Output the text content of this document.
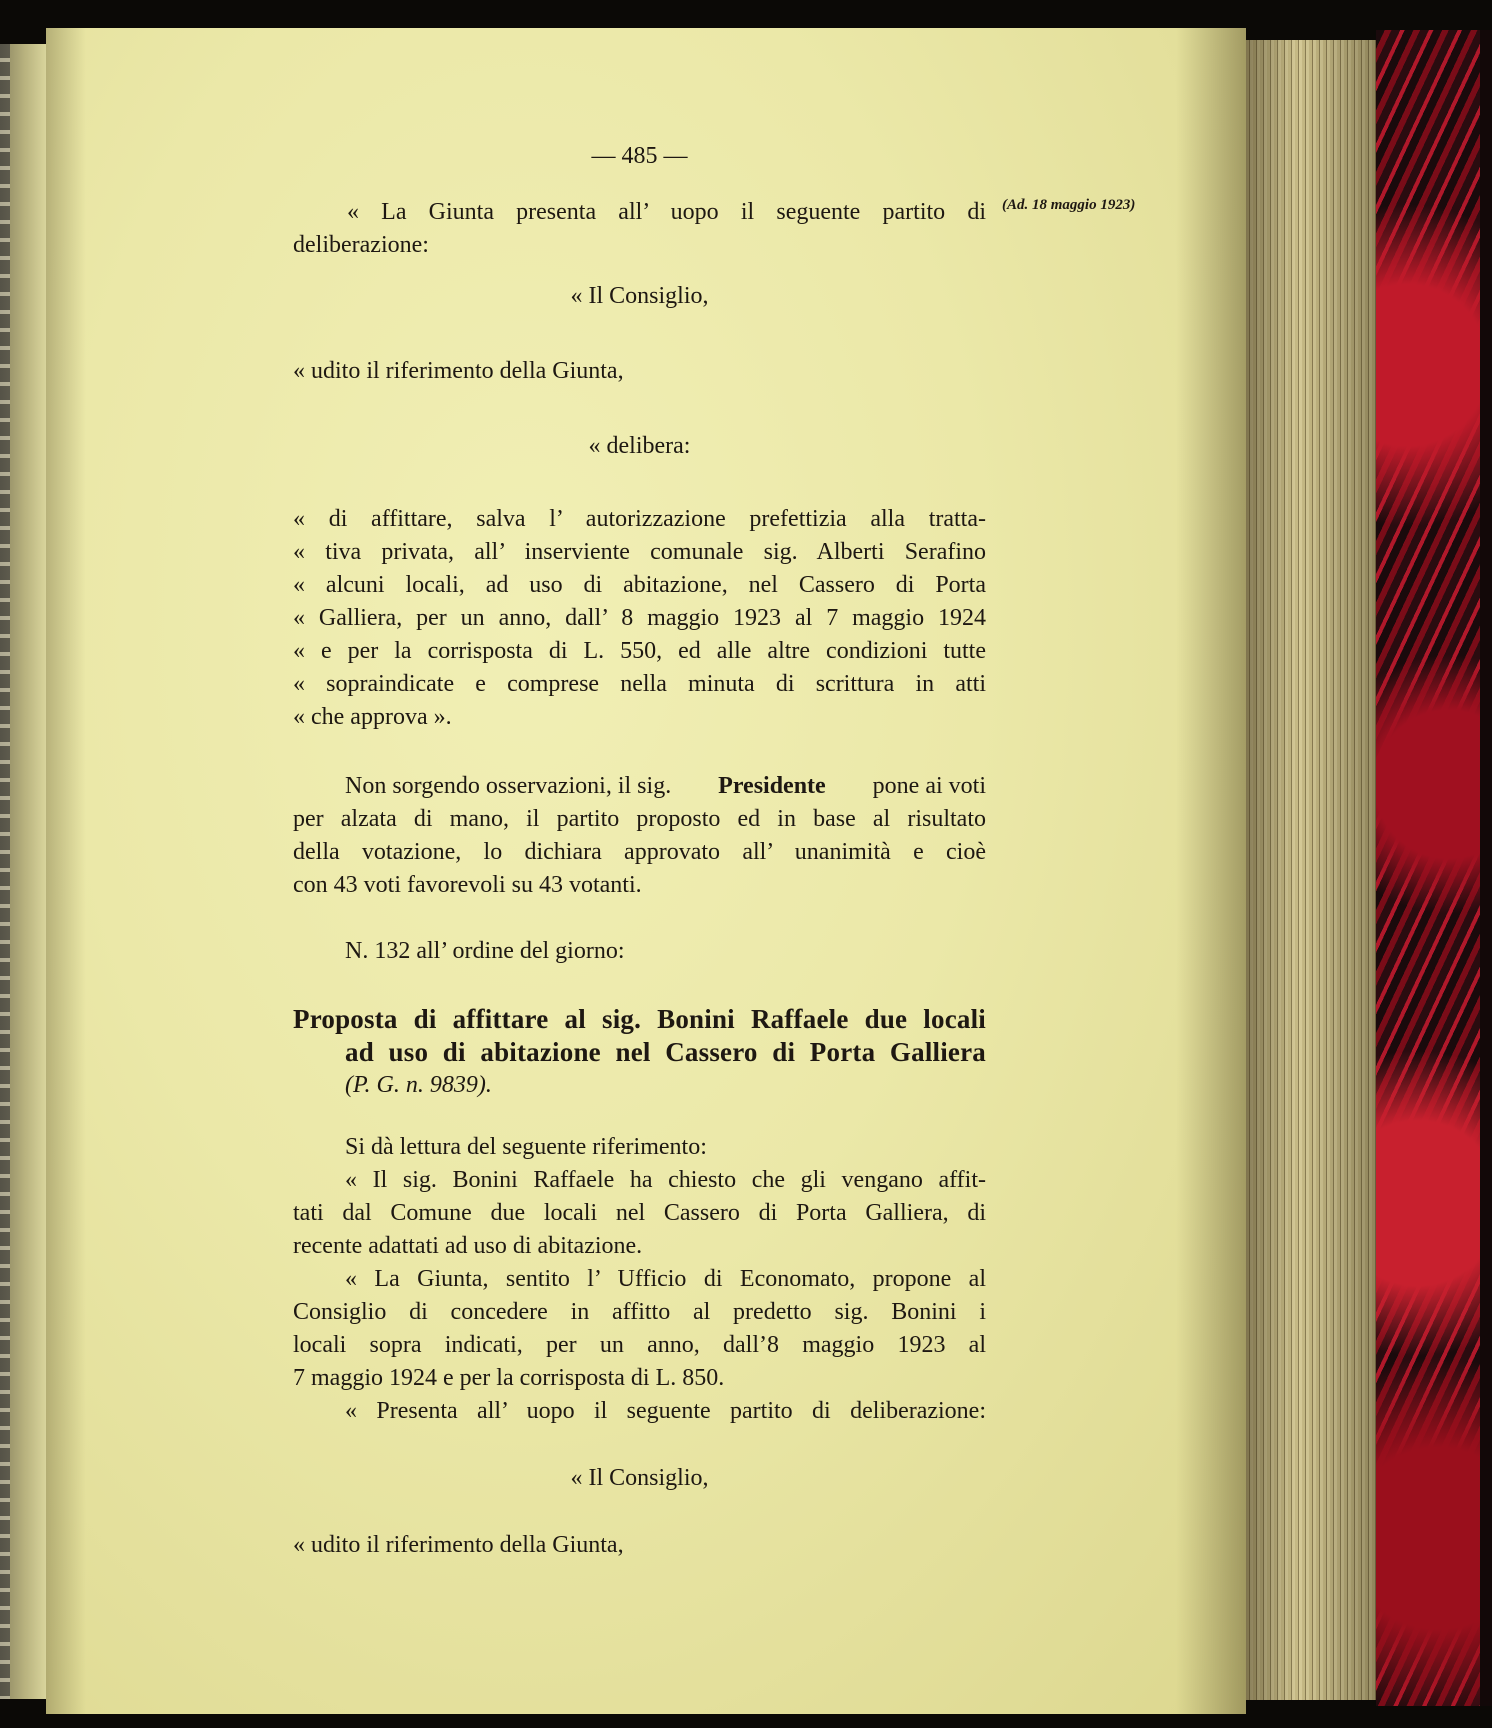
(Ad. 18 maggio 1923)
— 485 —
« La Giunta presenta all’ uopo il seguente partito di
deliberazione:
« Il Consiglio,
« udito il riferimento della Giunta,
« delibera:
« di affittare, salva l’ autorizzazione prefettizia alla tratta-
« tiva privata, all’ inserviente comunale sig. Alberti Serafino
« alcuni locali, ad uso di abitazione, nel Cassero di Porta
« Galliera, per un anno, dall’ 8 maggio 1923 al 7 maggio 1924
« e per la corrisposta di L. 550, ed alle altre condizioni tutte
« sopraindicate e comprese nella minuta di scrittura in atti
« che approva ».
Non sorgendo osservazioni, il sig. Presidente pone ai voti
per alzata di mano, il partito proposto ed in base al risultato
della votazione, lo dichiara approvato all’ unanimità e cioè
con 43 voti favorevoli su 43 votanti.
N. 132 all’ ordine del giorno:
Proposta di affittare al sig. Bonini Raffaele due locali
ad uso di abitazione nel Cassero di Porta Galliera
(P. G. n. 9839).
Si dà lettura del seguente riferimento:
« Il sig. Bonini Raffaele ha chiesto che gli vengano affit-
tati dal Comune due locali nel Cassero di Porta Galliera, di
recente adattati ad uso di abitazione.
« La Giunta, sentito l’ Ufficio di Economato, propone al
Consiglio di concedere in affitto al predetto sig. Bonini i
locali sopra indicati, per un anno, dall’8 maggio 1923 al
7 maggio 1924 e per la corrisposta di L. 850.
« Presenta all’ uopo il seguente partito di deliberazione:
« Il Consiglio,
« udito il riferimento della Giunta,
